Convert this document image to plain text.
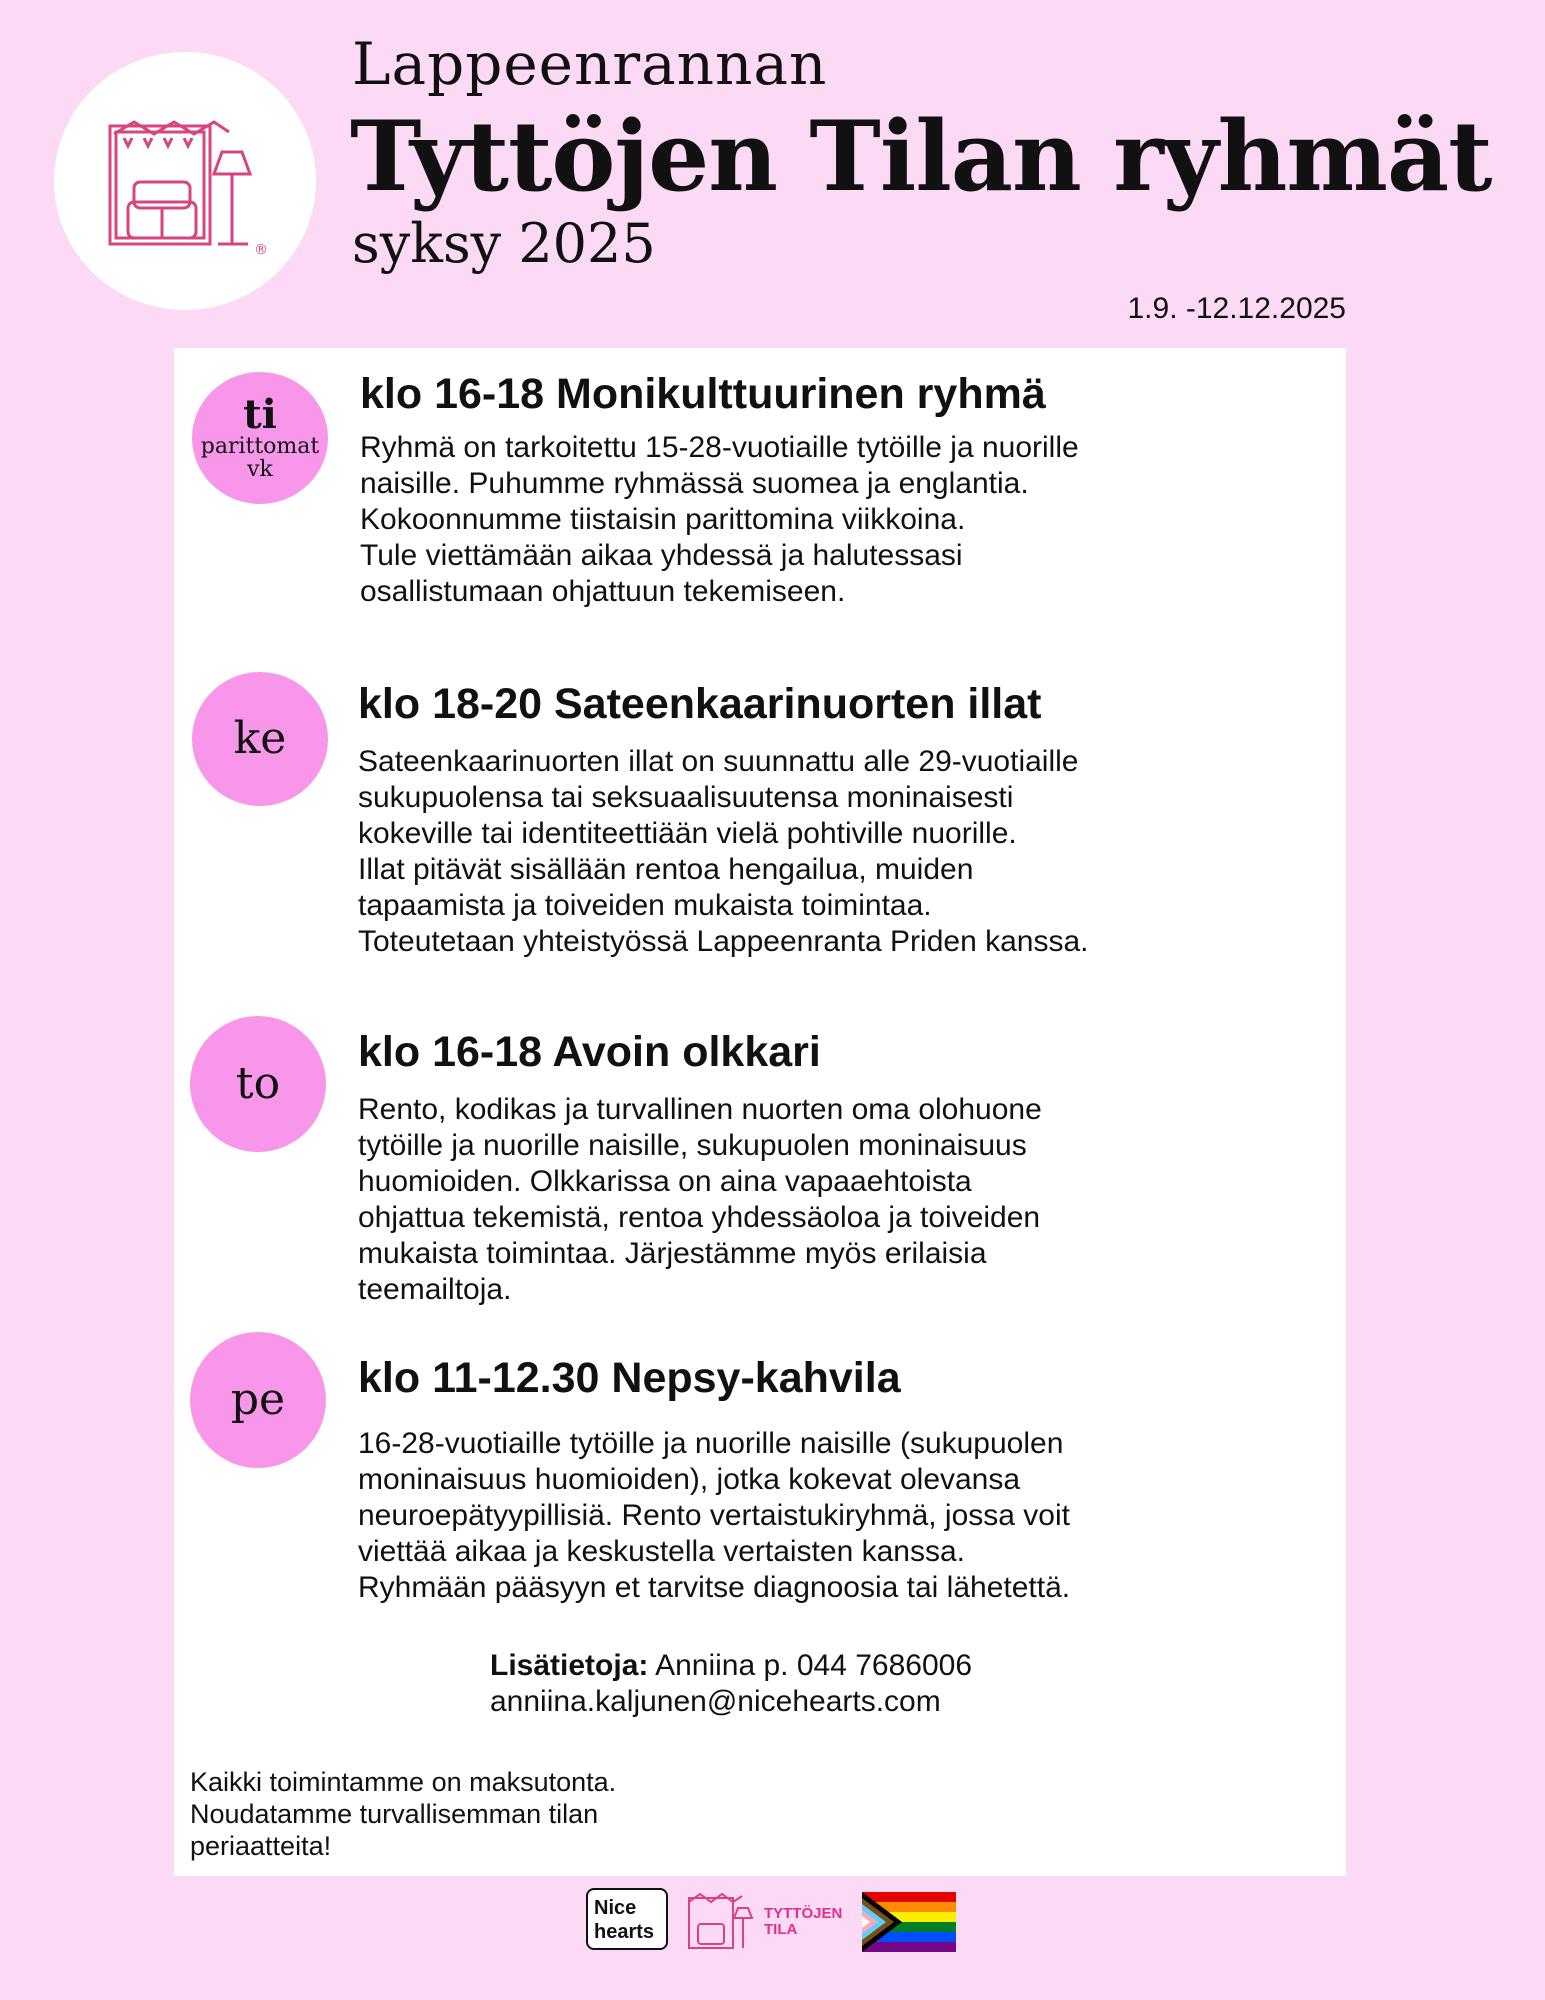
®
Lappeenrannan
Tyttöjen Tilan ryhmät
syksy 2025
1.9. -12.12.2025
ti
parittomat
vk
klo 16-18 Monikulttuurinen ryhmä
Ryhmä on tarkoitettu 15-28-vuotiaille tytöille ja nuorille
naisille. Puhumme ryhmässä suomea ja englantia.
Kokoonnumme tiistaisin parittomina viikkoina.
Tule viettämään aikaa yhdessä ja halutessasi
osallistumaan ohjattuun tekemiseen.
ke
klo 18-20 Sateenkaarinuorten illat
Sateenkaarinuorten illat on suunnattu alle 29-vuotiaille
sukupuolensa tai seksuaalisuutensa moninaisesti
kokeville tai identiteettiään vielä pohtiville nuorille.
Illat pitävät sisällään rentoa hengailua, muiden
tapaamista ja toiveiden mukaista toimintaa.
Toteutetaan yhteistyössä Lappeenranta Priden kanssa.
to
klo 16-18 Avoin olkkari
Rento, kodikas ja turvallinen nuorten oma olohuone
tytöille ja nuorille naisille, sukupuolen moninaisuus
huomioiden. Olkkarissa on aina vapaaehtoista
ohjattua tekemistä, rentoa yhdessäoloa ja toiveiden
mukaista toimintaa. Järjestämme myös erilaisia
teemailtoja.
pe klo 11-12.30 Nepsy-kahvila
16-28-vuotiaille tytöille ja nuorille naisille (sukupuolen
moninaisuus huomioiden), jotka kokevat olevansa
neuroepätyypillisiä. Rento vertaistukiryhmä, jossa voit
viettää aikaa ja keskustella vertaisten kanssa.
Ryhmään pääsyyn et tarvitse diagnoosia tai lähetettä.
Lisätietoja: Anniina p. 044 7686006
anniina.kaljunen@nicehearts.com
Kaikki toimintamme on maksutonta.
Noudatamme turvallisemman tilan
periaatteita!
Nice
hearts
TYTTÖJEN
TILA
